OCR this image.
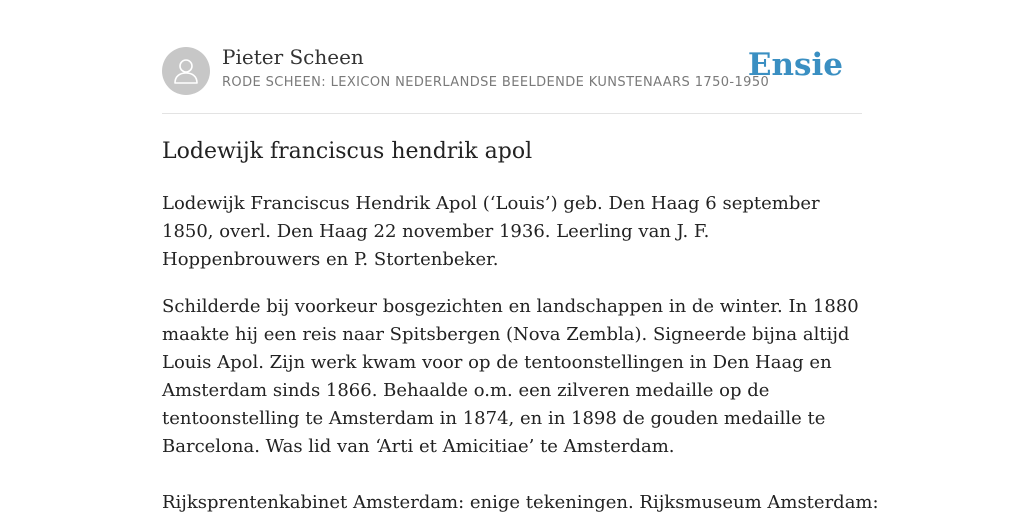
Pieter Scheen
RODE SCHEEN: LEXICON NEDERLANDSE BEELDENDE KUNSTENAARS 1750-1950
Ensie
Lodewijk franciscus hendrik apol

Lodewijk Franciscus Hendrik Apol (‘Louis’) geb. Den Haag 6 september 1850, overl. Den Haag 22 november 1936. Leerling van J. F. Hoppenbrouwers en P. Stortenbeker.

Schilderde bij voorkeur bosgezichten en landschappen in de winter. In 1880 maakte hij een reis naar Spitsbergen (Nova Zembla). Signeerde bijna altijd Louis Apol. Zijn werk kwam voor op de tentoonstellingen in Den Haag en Amsterdam sinds 1866. Behaalde o.m. een zilveren medaille op de tentoonstelling te Amsterdam in 1874, en in 1898 de gouden medaille te Barcelona. Was lid van ‘Arti et Amicitiae’ te Amsterdam.

Rijksprentenkabinet Amsterdam: enige tekeningen. Rijksmuseum Amsterdam:
